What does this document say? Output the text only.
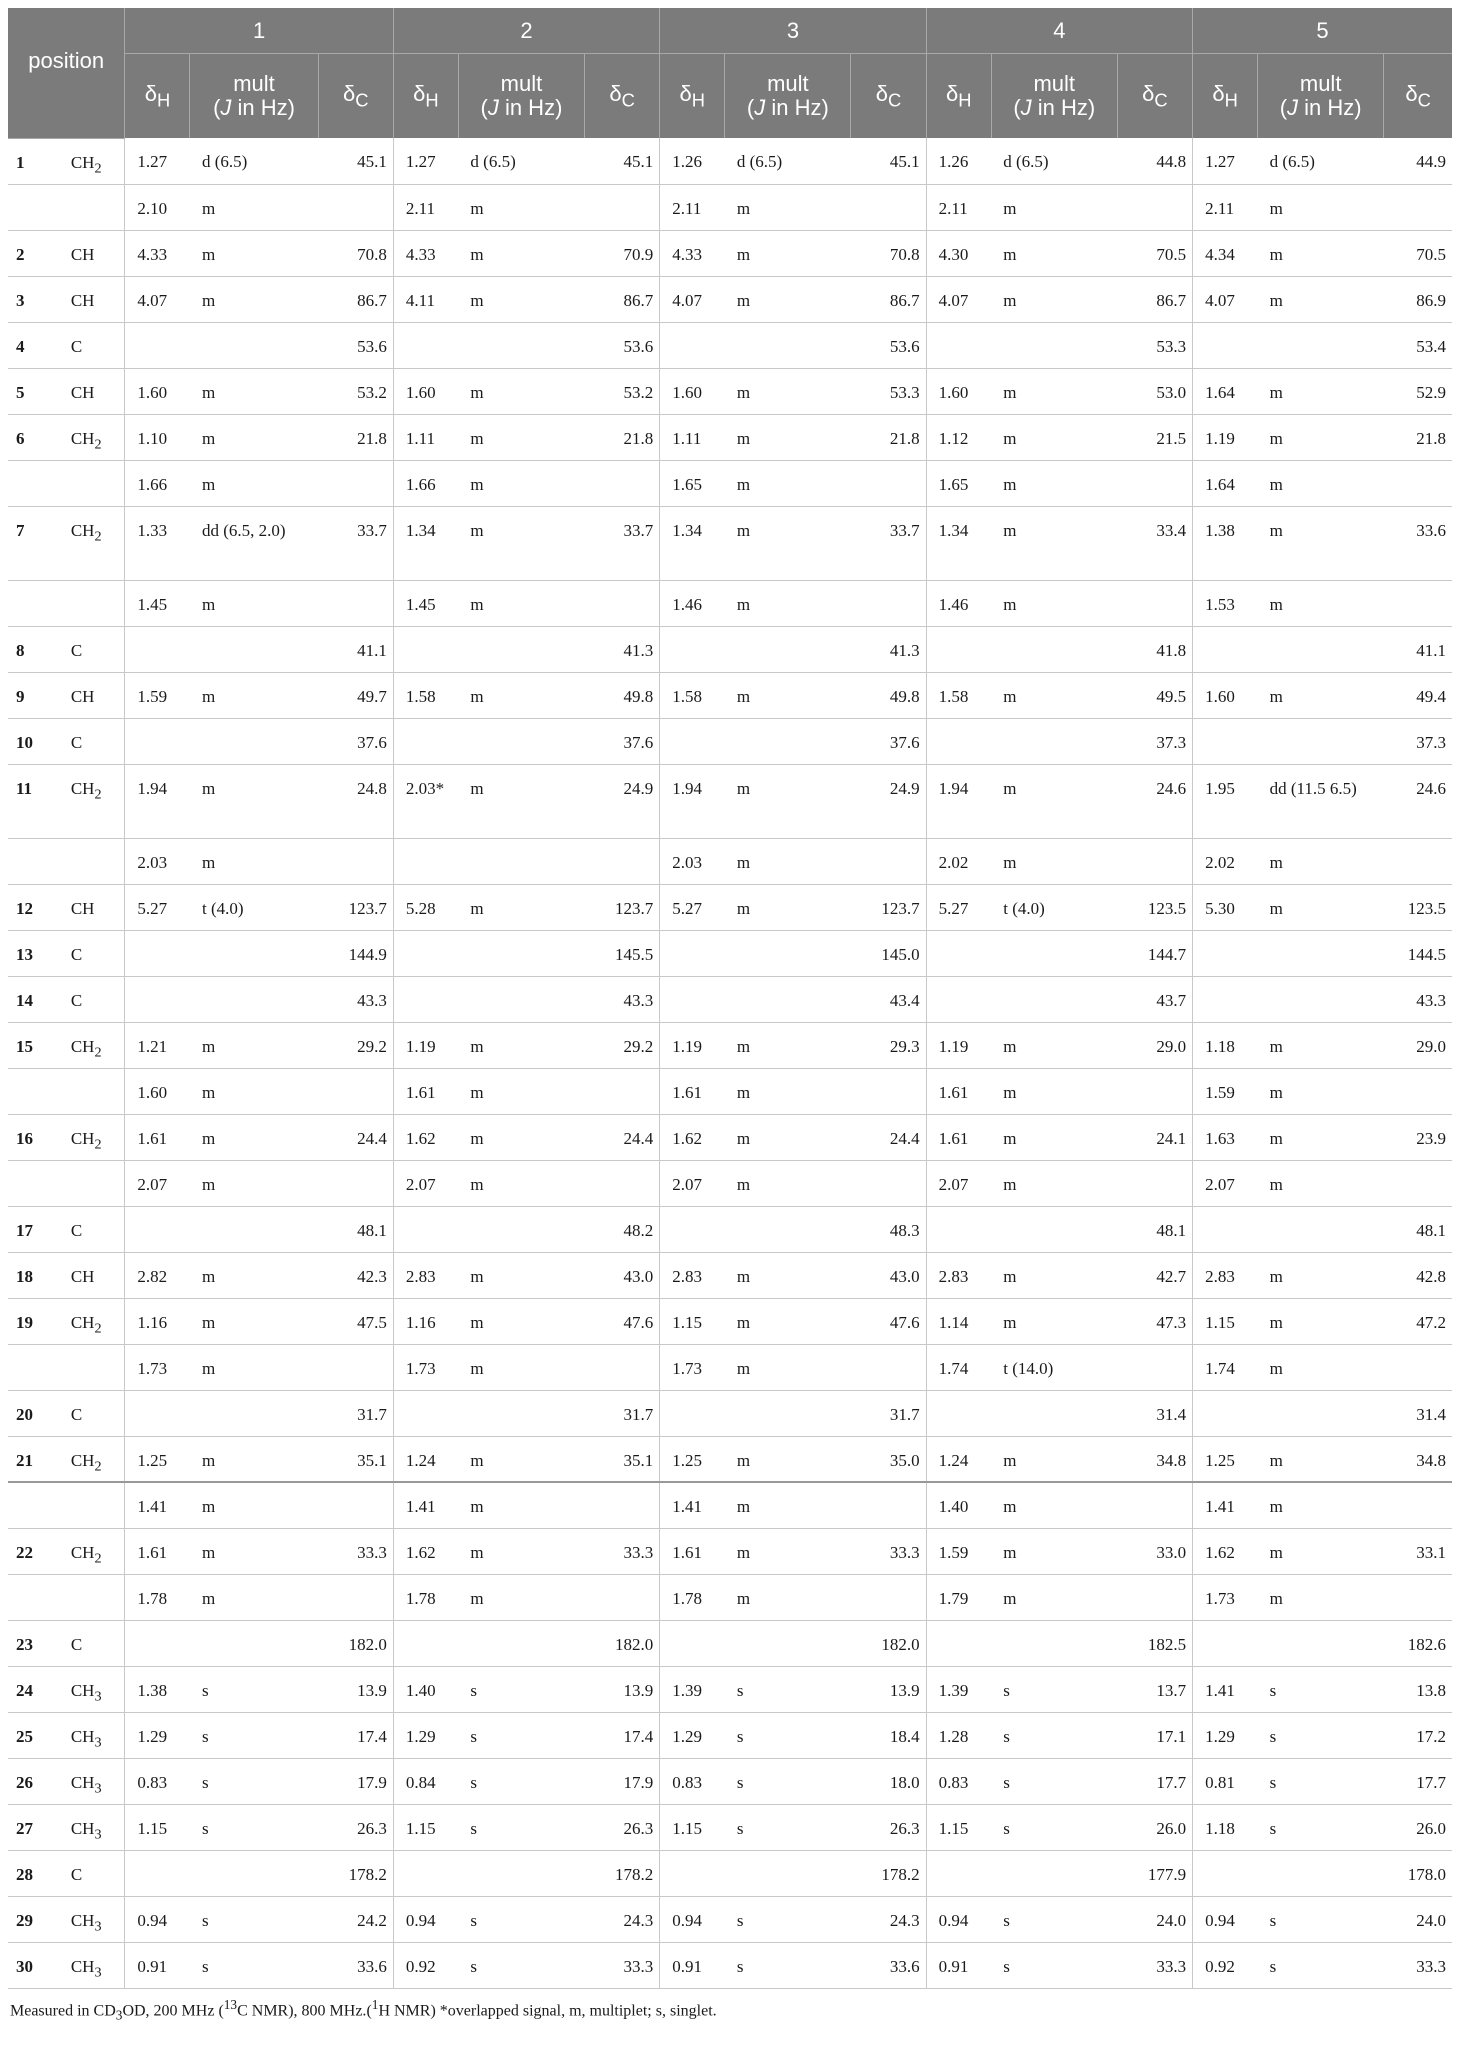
position		1			2			3			4			5		
		$\delta_H$	mult
(J in Hz)	$\delta_C$	$\delta_H$	mult
(J in Hz)	$\delta_C$	$\delta_H$	mult
(J in Hz)	$\delta_C$	$\delta_H$	mult
(J in Hz)	$\delta_C$	$\delta_H$	mult
(J in Hz)	$\delta_C$
1	$CH_2$	1.27	d (6.5)	45.1	1.27	d (6.5)	45.1	1.26	d (6.5)	45.1	1.26	d (6.5)	44.8	1.27	d (6.5)	44.9
		2.10	m		2.11	m		2.11	m		2.11	m		2.11	m	
2	CH	4.33	m	70.8	4.33	m	70.9	4.33	m	70.8	4.30	m	70.5	4.34	m	70.5
3	CH	4.07	m	86.7	4.11	m	86.7	4.07	m	86.7	4.07	m	86.7	4.07	m	86.9
4	C			53.6			53.6			53.6			53.3			53.4
5	CH	1.60	m	53.2	1.60	m	53.2	1.60	m	53.3	1.60	m	53.0	1.64	m	52.9
6	$CH_2$	1.10	m	21.8	1.11	m	21.8	1.11	m	21.8	1.12	m	21.5	1.19	m	21.8
		1.66	m		1.66	m		1.65	m		1.65	m		1.64	m	
7	$CH_2$	1.33	dd (6.5, 2.0)	33.7	1.34	m	33.7	1.34	m	33.7	1.34	m	33.4	1.38	m	33.6
		1.45	m		1.45	m		1.46	m		1.46	m		1.53	m	
8	C			41.1			41.3			41.3			41.8			41.1
9	CH	1.59	m	49.7	1.58	m	49.8	1.58	m	49.8	1.58	m	49.5	1.60	m	49.4
10	C			37.6			37.6			37.6			37.3			37.3
11	$CH_2$	1.94	m	24.8	2.03*	m	24.9	1.94	m	24.9	1.94	m	24.6	1.95	dd (11.5 6.5)	24.6
		2.03	m					2.03	m		2.02	m		2.02	m	
12	CH	5.27	t (4.0)	123.7	5.28	m	123.7	5.27	m	123.7	5.27	t (4.0)	123.5	5.30	m	123.5
13	C			144.9			145.5			145.0			144.7			144.5
14	C			43.3			43.3			43.4			43.7			43.3
15	$CH_2$	1.21	m	29.2	1.19	m	29.2	1.19	m	29.3	1.19	m	29.0	1.18	m	29.0
		1.60	m		1.61	m		1.61	m		1.61	m		1.59	m	
16	$CH_2$	1.61	m	24.4	1.62	m	24.4	1.62	m	24.4	1.61	m	24.1	1.63	m	23.9
		2.07	m		2.07	m		2.07	m		2.07	m		2.07	m	
17	C			48.1			48.2			48.3			48.1			48.1
18	CH	2.82	m	42.3	2.83	m	43.0	2.83	m	43.0	2.83	m	42.7	2.83	m	42.8
19	$CH_2$	1.16	m	47.5	1.16	m	47.6	1.15	m	47.6	1.14	m	47.3	1.15	m	47.2
		1.73	m		1.73	m		1.73	m		1.74	t (14.0)		1.74	m	
20	C			31.7			31.7			31.7			31.4			31.4
21	$CH_2$	1.25	m	35.1	1.24	m	35.1	1.25	m	35.0	1.24	m	34.8	1.25	m	34.8
		1.41	m		1.41	m		1.41	m		1.40	m		1.41	m	
22	$CH_2$	1.61	m	33.3	1.62	m	33.3	1.61	m	33.3	1.59	m	33.0	1.62	m	33.1
		1.78	m		1.78	m		1.78	m		1.79	m		1.73	m	
23	C			182.0			182.0			182.0			182.5			182.6
24	$CH_3$	1.38	s	13.9	1.40	s	13.9	1.39	s	13.9	1.39	s	13.7	1.41	s	13.8
25	$CH_3$	1.29	s	17.4	1.29	s	17.4	1.29	s	18.4	1.28	s	17.1	1.29	s	17.2
26	$CH_3$	0.83	s	17.9	0.84	s	17.9	0.83	s	18.0	0.83	s	17.7	0.81	s	17.7
27	$CH_3$	1.15	s	26.3	1.15	s	26.3	1.15	s	26.3	1.15	s	26.0	1.18	s	26.0
28	C			178.2			178.2			178.2			177.9			178.0
29	$CH_3$	0.94	s	24.2	0.94	s	24.3	0.94	s	24.3	0.94	s	24.0	0.94	s	24.0
30	$CH_3$	0.91	s	33.6	0.92	s	33.3	0.91	s	33.6	0.91	s	33.3	0.92	s	33.3
Measured in $CD_3OD$, 200 MHz ($^{13}$C NMR), 800 MHz.($^1$H NMR) *overlapped signal, m, multiplet; s, singlet.
